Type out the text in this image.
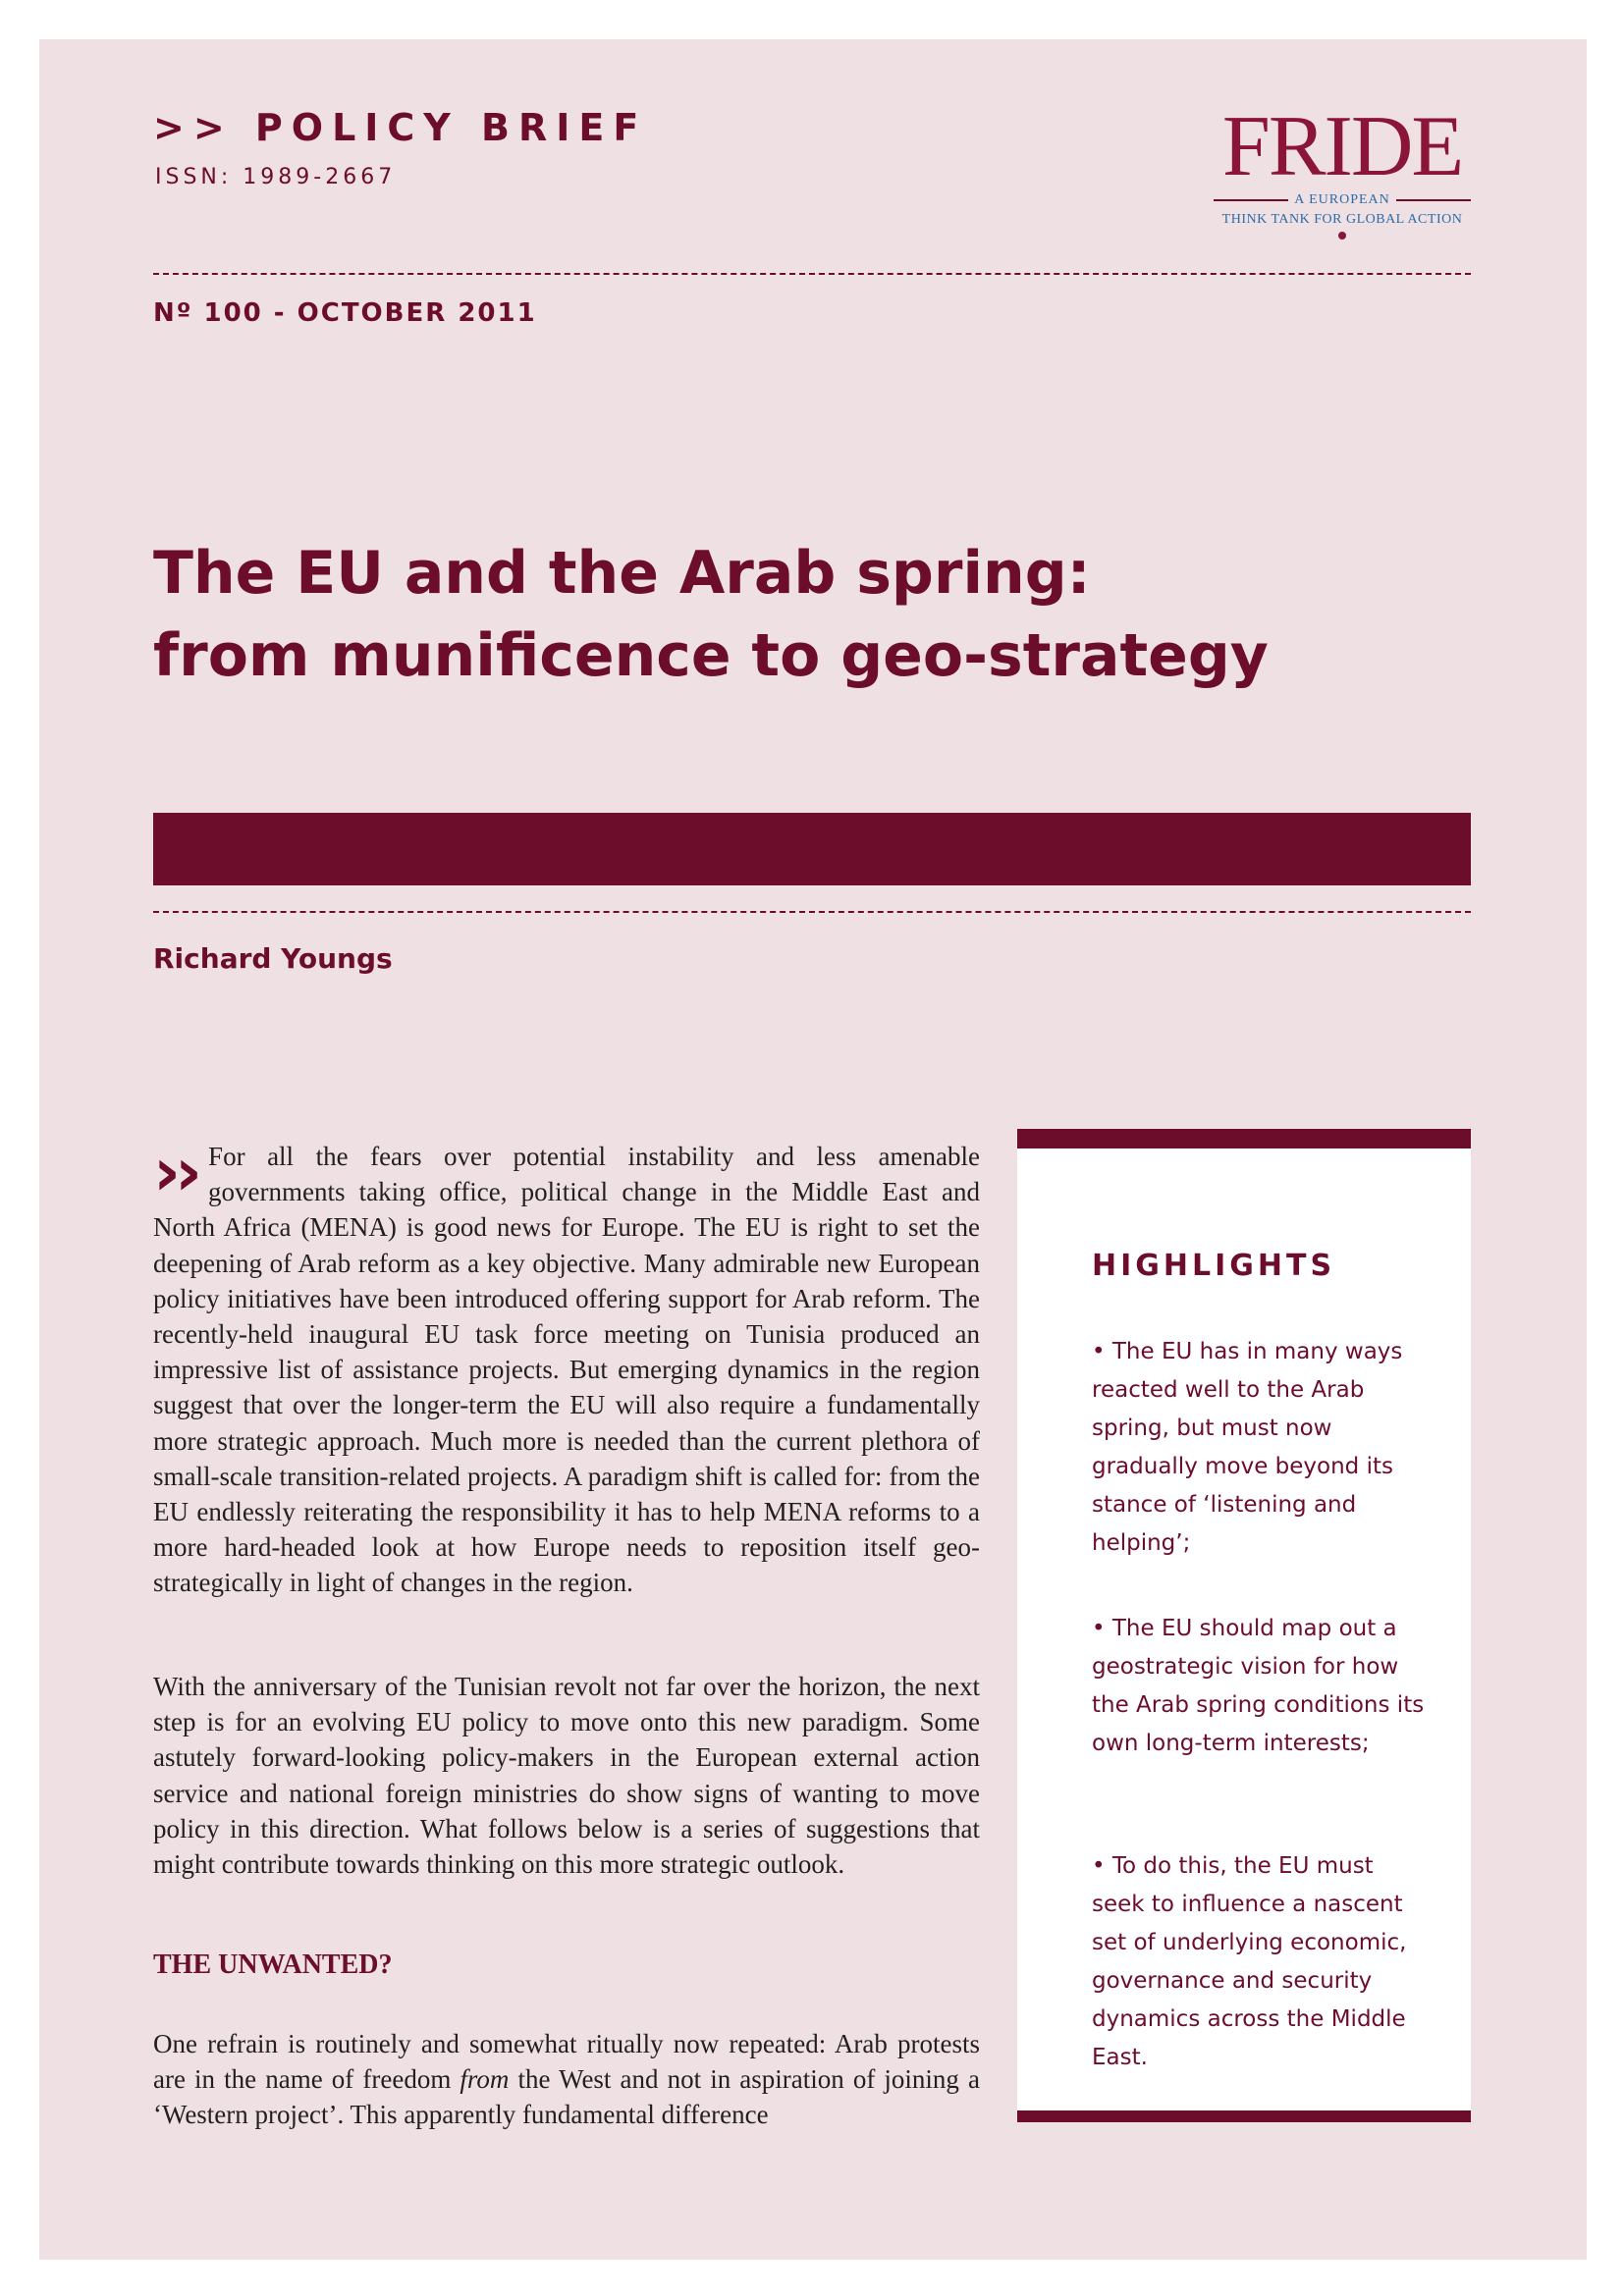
>> POLICY BRIEF
ISSN: 1989-2667	FRIDE
A EUROPEAN
THINK TANK FOR GLOBAL ACTION
Nº 100 - OCTOBER 2011
The EU and the Arab spring:
from munificence to geo-strategy
Richard Youngs

›› For all the fears over potential instability and less amenable governments taking office, political change in the Middle East and North Africa (MENA) is good news for Europe. The EU is right to set the deepening of Arab reform as a key objective. Many admirable new European policy initiatives have been introduced offering support for Arab reform. The recently-held inaugural EU task force meeting on Tunisia produced an impressive list of assistance projects. But emerging dynamics in the region suggest that over the longer-term the EU will also require a fundamentally more strategic approach. Much more is needed than the current plethora of small-scale transition-related projects. A paradigm shift is called for: from the EU endlessly reiterating the responsibility it has to help MENA reforms to a more hard-headed look at how Europe needs to reposition itself geo-strategically in light of changes in the region.

With the anniversary of the Tunisian revolt not far over the horizon, the next step is for an evolving EU policy to move onto this new paradigm. Some astutely forward-looking policy-makers in the European external action service and national foreign ministries do show signs of wanting to move policy in this direction. What follows below is a series of suggestions that might contribute towards thinking on this more strategic outlook.

THE UNWANTED?

One refrain is routinely and somewhat ritually now repeated: Arab protests are in the name of freedom from the West and not in aspiration of joining a ‘Western project’. This apparently fundamental difference

HIGHLIGHTS

• The EU has in many ways reacted well to the Arab spring, but must now gradually move beyond its stance of ‘listening and helping’;

• The EU should map out a geostrategic vision for how the Arab spring conditions its own long-term interests;

• To do this, the EU must seek to influence a nascent set of underlying economic, governance and security dynamics across the Middle East.
